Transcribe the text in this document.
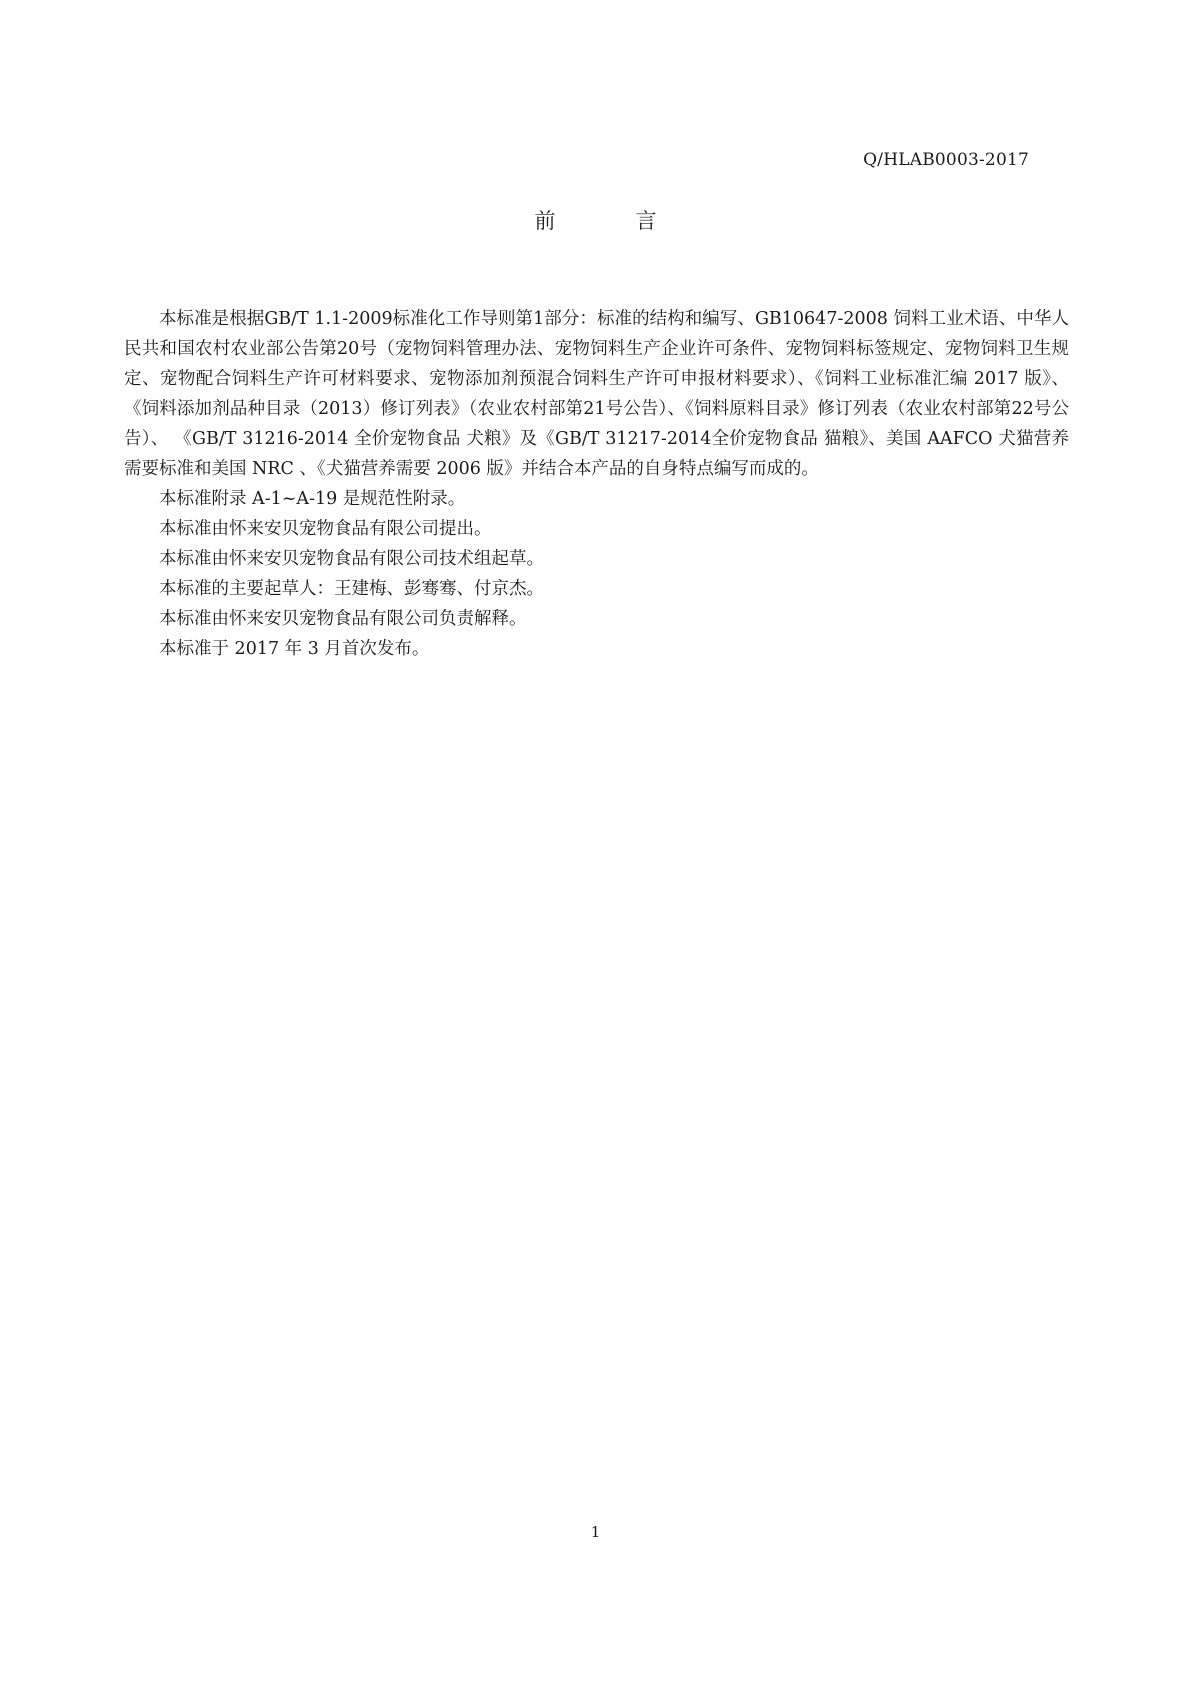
Q/HLAB0003-2017

前	言

本标准是根据GB/T 1.1-2009标准化工作导则第1部分：标准的结构和编写、GB10647-2008 饲料工业术语、中华人民共和国农村农业部公告第20号（宠物饲料管理办法、宠物饲料生产企业许可条件、宠物饲料标签规定、宠物饲料卫生规定、宠物配合饲料生产许可材料要求、宠物添加剂预混合饲料生产许可申报材料要求）、《饲料工业标准汇编 2017 版》、《饲料添加剂品种目录（2013）修订列表》（农业农村部第21号公告）、《饲料原料目录》修订列表（农业农村部第22号公告）、 《GB/T 31216-2014 全价宠物食品 犬粮》及《GB/T 31217-2014全价宠物食品 猫粮》、美国 AAFCO 犬猫营养需要标准和美国 NRC 、《犬猫营养需要 2006 版》并结合本产品的自身特点编写而成的。

本标准附录 A-1~A-19 是规范性附录。

本标准由怀来安贝宠物食品有限公司提出。

本标准由怀来安贝宠物食品有限公司技术组起草。

本标准的主要起草人：王建梅、彭骞骞、付京杰。

本标准由怀来安贝宠物食品有限公司负责解释。

本标准于 2017 年 3 月首次发布。

1
